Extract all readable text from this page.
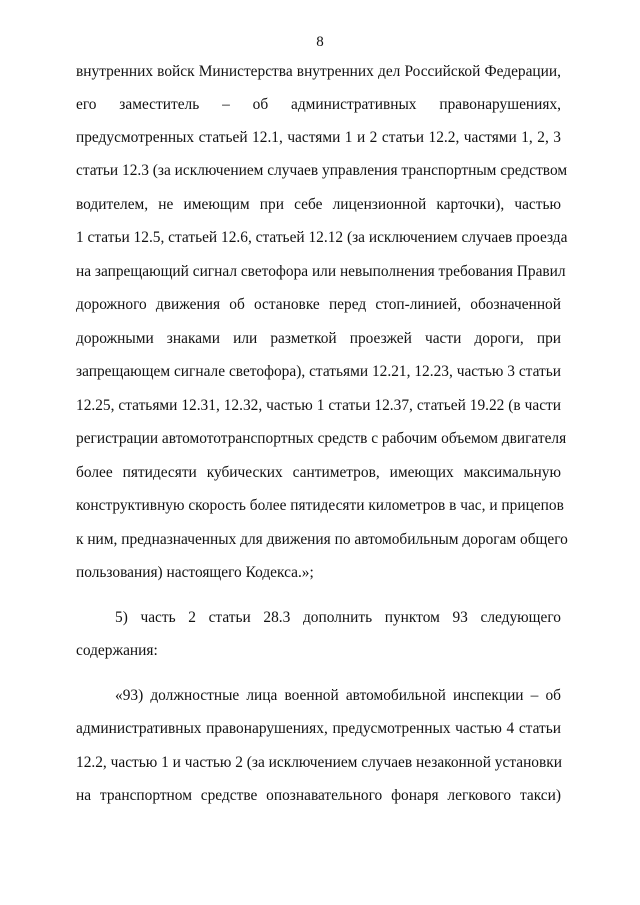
8
внутренних войск Министерства внутренних дел Российской Федерации,
его заместитель – об административных правонарушениях,
предусмотренных статьей 12.1, частями 1 и 2 статьи 12.2, частями 1, 2, 3
статьи 12.3 (за исключением случаев управления транспортным средством
водителем, не имеющим при себе лицензионной карточки), частью
1 статьи 12.5, статьей 12.6, статьей 12.12 (за исключением случаев проезда
на запрещающий сигнал светофора или невыполнения требования Правил
дорожного движения об остановке перед стоп-линией, обозначенной
дорожными знаками или разметкой проезжей части дороги, при
запрещающем сигнале светофора), статьями 12.21, 12.23, частью 3 статьи
12.25, статьями 12.31, 12.32, частью 1 статьи 12.37, статьей 19.22 (в части
регистрации автомототранспортных средств с рабочим объемом двигателя
более пятидесяти кубических сантиметров, имеющих максимальную
конструктивную скорость более пятидесяти километров в час, и прицепов
к ним, предназначенных для движения по автомобильным дорогам общего
пользования) настоящего Кодекса.»;
5) часть 2 статьи 28.3 дополнить пунктом 93 следующего
содержания:
«93) должностные лица военной автомобильной инспекции – об
административных правонарушениях, предусмотренных частью 4 статьи
12.2, частью 1 и частью 2 (за исключением случаев незаконной установки
на транспортном средстве опознавательного фонаря легкового такси)
